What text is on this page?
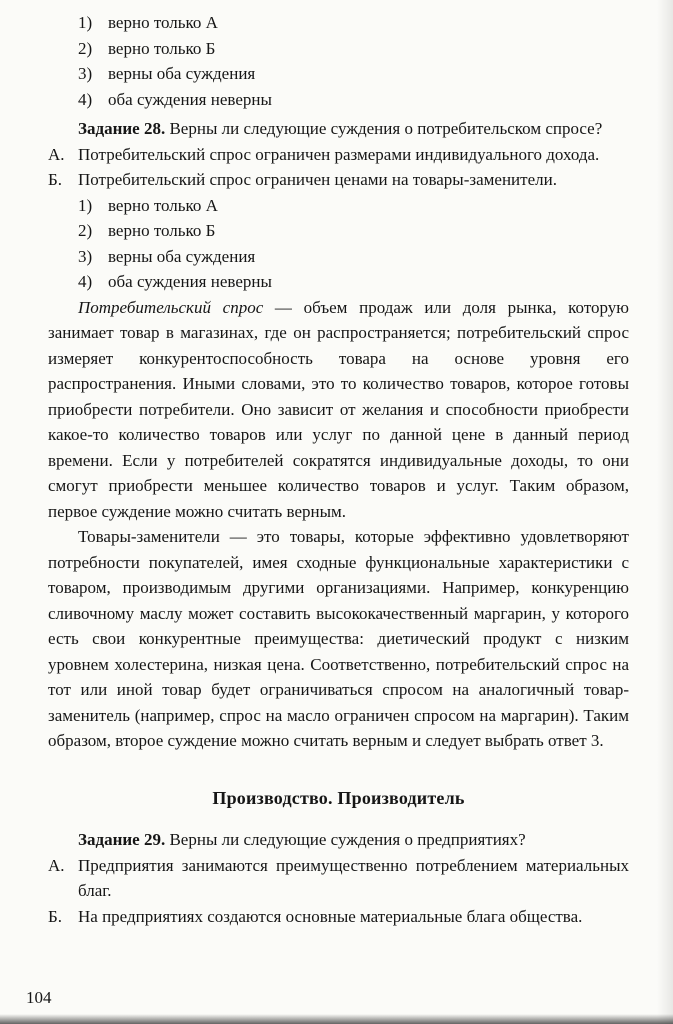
1) верно только А
2) верно только Б
3) верны оба суждения
4) оба суждения неверны

Задание 28. Верны ли следующие суждения о потребительском спросе?

А. Потребительский спрос ограничен размерами индивидуального дохода.
Б. Потребительский спрос ограничен ценами на товары-заменители.
1) верно только А
2) верно только Б
3) верны оба суждения
4) оба суждения неверны

Потребительский спрос — объем продаж или доля рынка, которую занимает товар в магазинах, где он распространяется; потребительский спрос измеряет конкурентоспособность товара на основе уровня его распространения. Иными словами, это то количество товаров, которое готовы приобрести потребители. Оно зависит от желания и способности приобрести какое-то количество товаров или услуг по данной цене в данный период времени. Если у потребителей сократятся индивидуальные доходы, то они смогут приобрести меньшее количество товаров и услуг. Таким образом, первое суждение можно считать верным.

Товары-заменители — это товары, которые эффективно удовлетворяют потребности покупателей, имея сходные функциональные характеристики с товаром, производимым другими организациями. Например, конкуренцию сливочному маслу может составить высококачественный маргарин, у которого есть свои конкурентные преимущества: диетический продукт с низким уровнем холестерина, низкая цена. Соответственно, потребительский спрос на тот или иной товар будет ограничиваться спросом на аналогичный товар-заменитель (например, спрос на масло ограничен спросом на маргарин). Таким образом, второе суждение можно считать верным и следует выбрать ответ 3.

Производство. Производитель

Задание 29. Верны ли следующие суждения о предприятиях?

А. Предприятия занимаются преимущественно потреблением материальных благ.
Б. На предприятиях создаются основные материальные блага общества.
104
